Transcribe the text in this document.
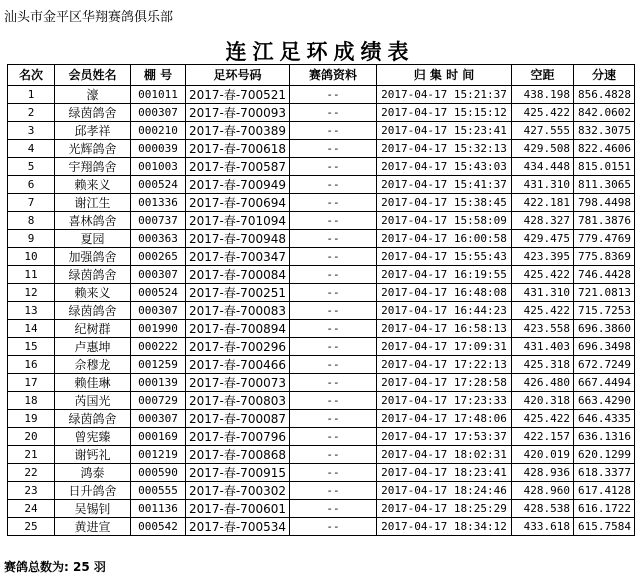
汕头市金平区华翔赛鸽俱乐部
连江足环成绩表
名次	会员姓名	棚 号	足环号码	赛鸽资料	归 集 时 间	空距	分速
1	濠	001011	2017-春-700521	--	2017-04-17 15:21:37	438.198	856.4828
2	绿茵鸽舍	000307	2017-春-700093	--	2017-04-17 15:15:12	425.422	842.0602
3	邱孝祥	000210	2017-春-700389	--	2017-04-17 15:23:41	427.555	832.3075
4	光辉鸽舍	000039	2017-春-700618	--	2017-04-17 15:32:13	429.508	822.4606
5	宇翔鸽舍	001003	2017-春-700587	--	2017-04-17 15:43:03	434.448	815.0151
6	赖来义	000524	2017-春-700949	--	2017-04-17 15:41:37	431.310	811.3065
7	谢江生	001336	2017-春-700694	--	2017-04-17 15:38:45	422.181	798.4498
8	喜林鸽舍	000737	2017-春-701094	--	2017-04-17 15:58:09	428.327	781.3876
9	夏园	000363	2017-春-700948	--	2017-04-17 16:00:58	429.475	779.4769
10	加强鸽舍	000265	2017-春-700347	--	2017-04-17 15:55:43	423.395	775.8369
11	绿茵鸽舍	000307	2017-春-700084	--	2017-04-17 16:19:55	425.422	746.4428
12	赖来义	000524	2017-春-700251	--	2017-04-17 16:48:08	431.310	721.0813
13	绿茵鸽舍	000307	2017-春-700083	--	2017-04-17 16:44:23	425.422	715.7253
14	纪树群	001990	2017-春-700894	--	2017-04-17 16:58:13	423.558	696.3860
15	卢惠坤	000222	2017-春-700296	--	2017-04-17 17:09:31	431.403	696.3498
16	佘穆龙	001259	2017-春-700466	--	2017-04-17 17:22:13	425.318	672.7249
17	赖佳琳	000139	2017-春-700073	--	2017-04-17 17:28:58	426.480	667.4494
18	芮国光	000729	2017-春-700803	--	2017-04-17 17:23:33	420.318	663.4290
19	绿茵鸽舍	000307	2017-春-700087	--	2017-04-17 17:48:06	425.422	646.4335
20	曾宪臻	000169	2017-春-700796	--	2017-04-17 17:53:37	422.157	636.1316
21	谢钙礼	001219	2017-春-700868	--	2017-04-17 18:02:31	420.019	620.1299
22	鸿泰	000590	2017-春-700915	--	2017-04-17 18:23:41	428.936	618.3377
23	日升鸽舍	000555	2017-春-700302	--	2017-04-17 18:24:46	428.960	617.4128
24	吴锡钊	001136	2017-春-700601	--	2017-04-17 18:25:29	428.538	616.1722
25	黄进宣	000542	2017-春-700534	--	2017-04-17 18:34:12	433.618	615.7584
赛鸽总数为: 25 羽
